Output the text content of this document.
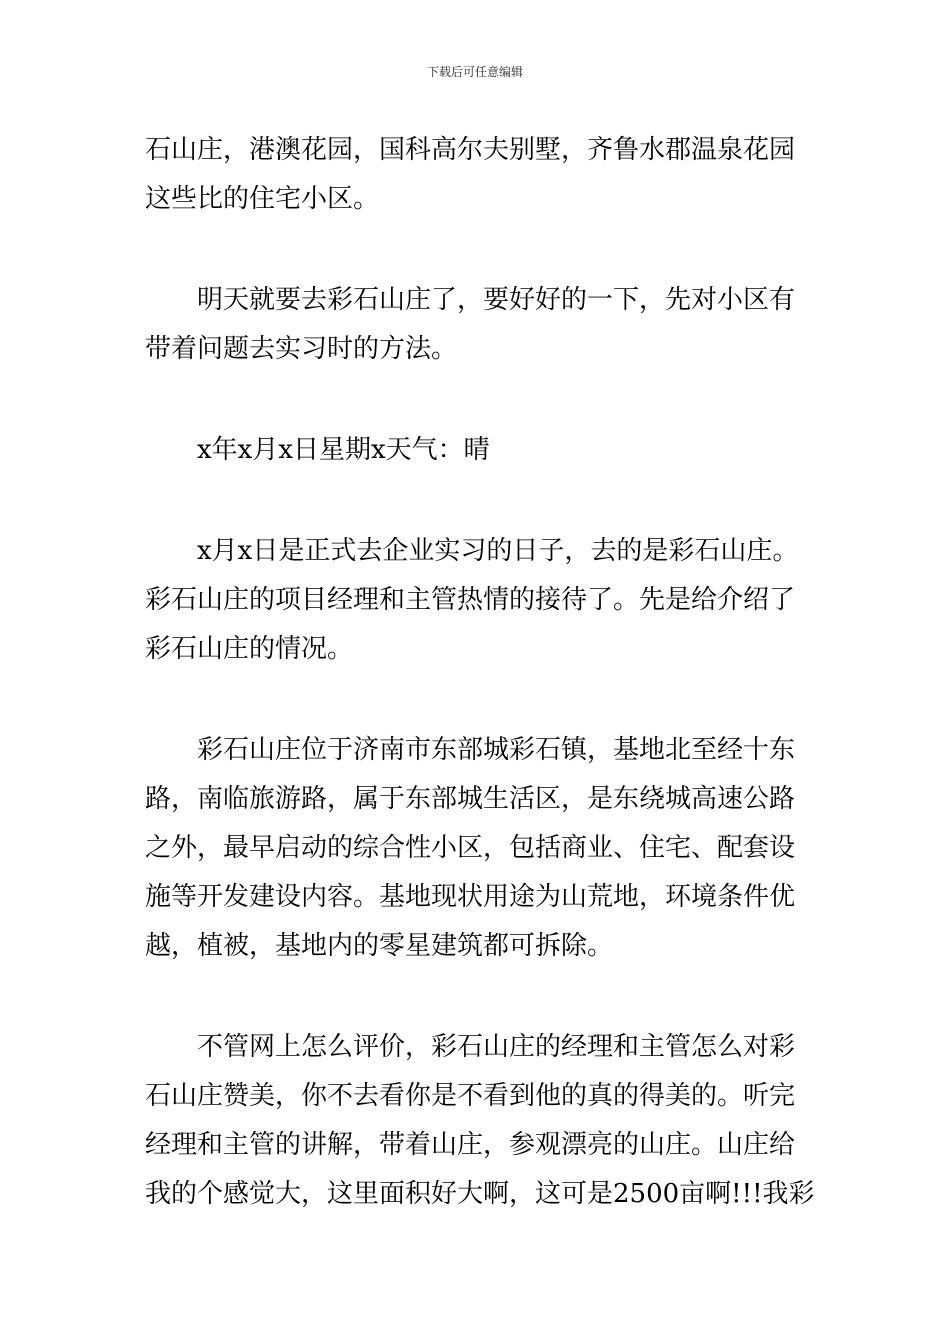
下载后可任意编辑

石山庄，港澳花园，国科高尔夫别墅，齐鲁水郡温泉花园
这些比的住宅小区。

明天就要去彩石山庄了，要好好的一下，先对小区有
带着问题去实习时的方法。

x年x月x日星期x天气：晴

x月x日是正式去企业实习的日子，去的是彩石山庄。
彩石山庄的项目经理和主管热情的接待了。先是给介绍了
彩石山庄的情况。

彩石山庄位于济南市东部城彩石镇，基地北至经十东
路，南临旅游路，属于东部城生活区，是东绕城高速公路
之外，最早启动的综合性小区，包括商业、住宅、配套设
施等开发建设内容。基地现状用途为山荒地，环境条件优
越，植被，基地内的零星建筑都可拆除。

不管网上怎么评价，彩石山庄的经理和主管怎么对彩
石山庄赞美，你不去看你是不看到他的真的得美的。听完
经理和主管的讲解，带着山庄，参观漂亮的山庄。山庄给
我的个感觉大，这里面积好大啊，这可是2500亩啊!!!我彩
